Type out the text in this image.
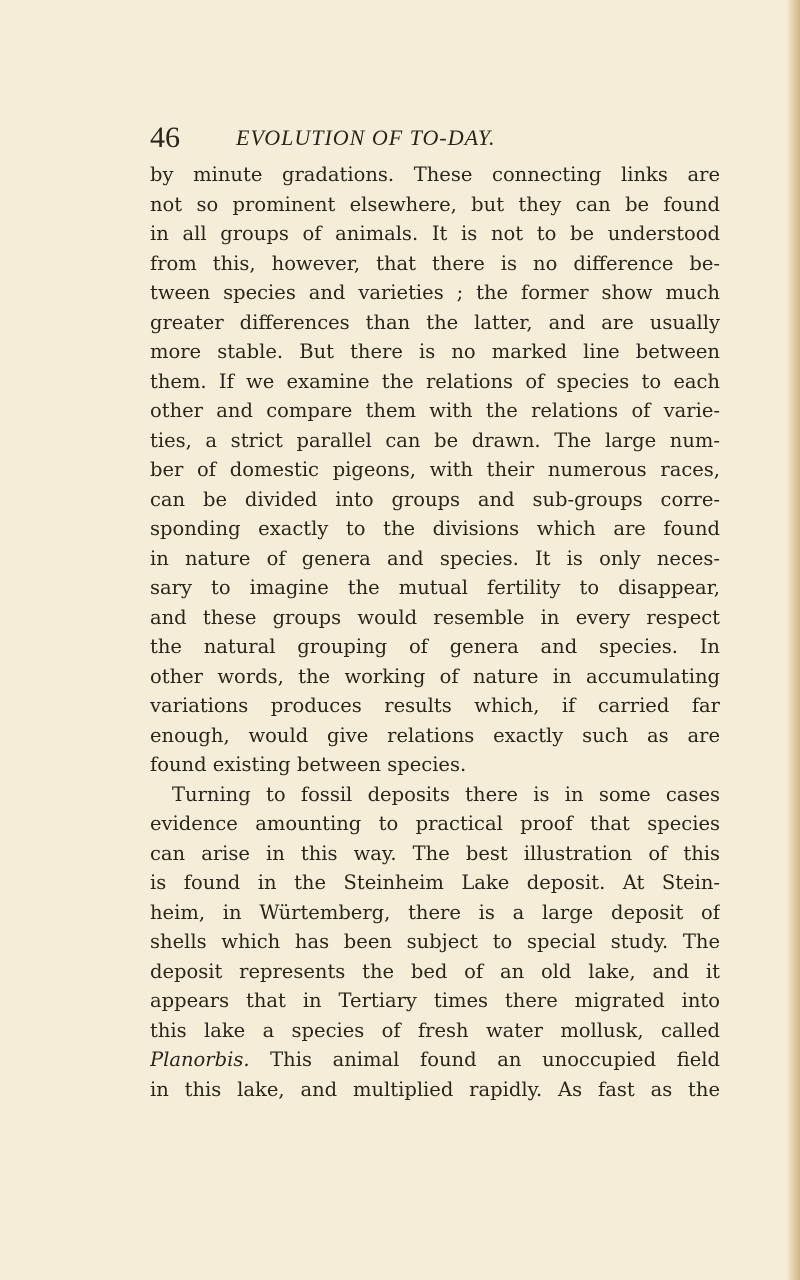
46	EVOLUTION OF TO-DAY.
by minute gradations. These connecting links are
not so prominent elsewhere, but they can be found
in all groups of animals. It is not to be understood
from this, however, that there is no difference be-
tween species and varieties ; the former show much
greater differences than the latter, and are usually
more stable. But there is no marked line between
them. If we examine the relations of species to each
other and compare them with the relations of varie-
ties, a strict parallel can be drawn. The large num-
ber of domestic pigeons, with their numerous races,
can be divided into groups and sub-groups corre-
sponding exactly to the divisions which are found
in nature of genera and species. It is only neces-
sary to imagine the mutual fertility to disappear,
and these groups would resemble in every respect
the natural grouping of genera and species. In
other words, the working of nature in accumulating
variations produces results which, if carried far
enough, would give relations exactly such as are
found existing between species.
Turning to fossil deposits there is in some cases
evidence amounting to practical proof that species
can arise in this way. The best illustration of this
is found in the Steinheim Lake deposit. At Stein-
heim, in Würtemberg, there is a large deposit of
shells which has been subject to special study. The
deposit represents the bed of an old lake, and it
appears that in Tertiary times there migrated into
this lake a species of fresh water mollusk, called
Planorbis. This animal found an unoccupied field
in this lake, and multiplied rapidly. As fast as the
